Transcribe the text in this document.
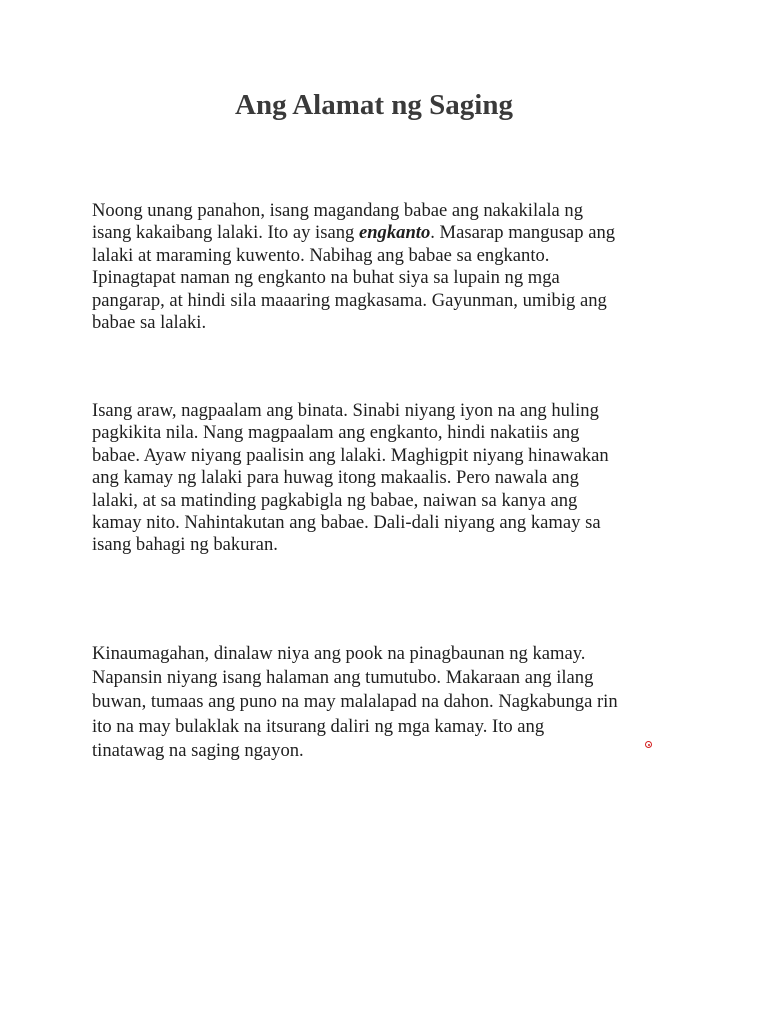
Ang Alamat ng Saging

Noong unang panahon, isang magandang babae ang nakakilala ng
isang kakaibang lalaki. Ito ay isang engkanto. Masarap mangusap ang
lalaki at maraming kuwento. Nabihag ang babae sa engkanto.
Ipinagtapat naman ng engkanto na buhat siya sa lupain ng mga
pangarap, at hindi sila maaaring magkasama. Gayunman, umibig ang
babae sa lalaki.

Isang araw, nagpaalam ang binata. Sinabi niyang iyon na ang huling
pagkikita nila. Nang magpaalam ang engkanto, hindi nakatiis ang
babae. Ayaw niyang paalisin ang lalaki. Maghigpit niyang hinawakan
ang kamay ng lalaki para huwag itong makaalis. Pero nawala ang
lalaki, at sa matinding pagkabigla ng babae, naiwan sa kanya ang
kamay nito. Nahintakutan ang babae. Dali-dali niyang ang kamay sa
isang bahagi ng bakuran.

Kinaumagahan, dinalaw niya ang pook na pinagbaunan ng kamay.
Napansin niyang isang halaman ang tumutubo. Makaraan ang ilang
buwan, tumaas ang puno na may malalapad na dahon. Nagkabunga rin
ito na may bulaklak na itsurang daliri ng mga kamay. Ito ang
tinatawag na saging ngayon.
